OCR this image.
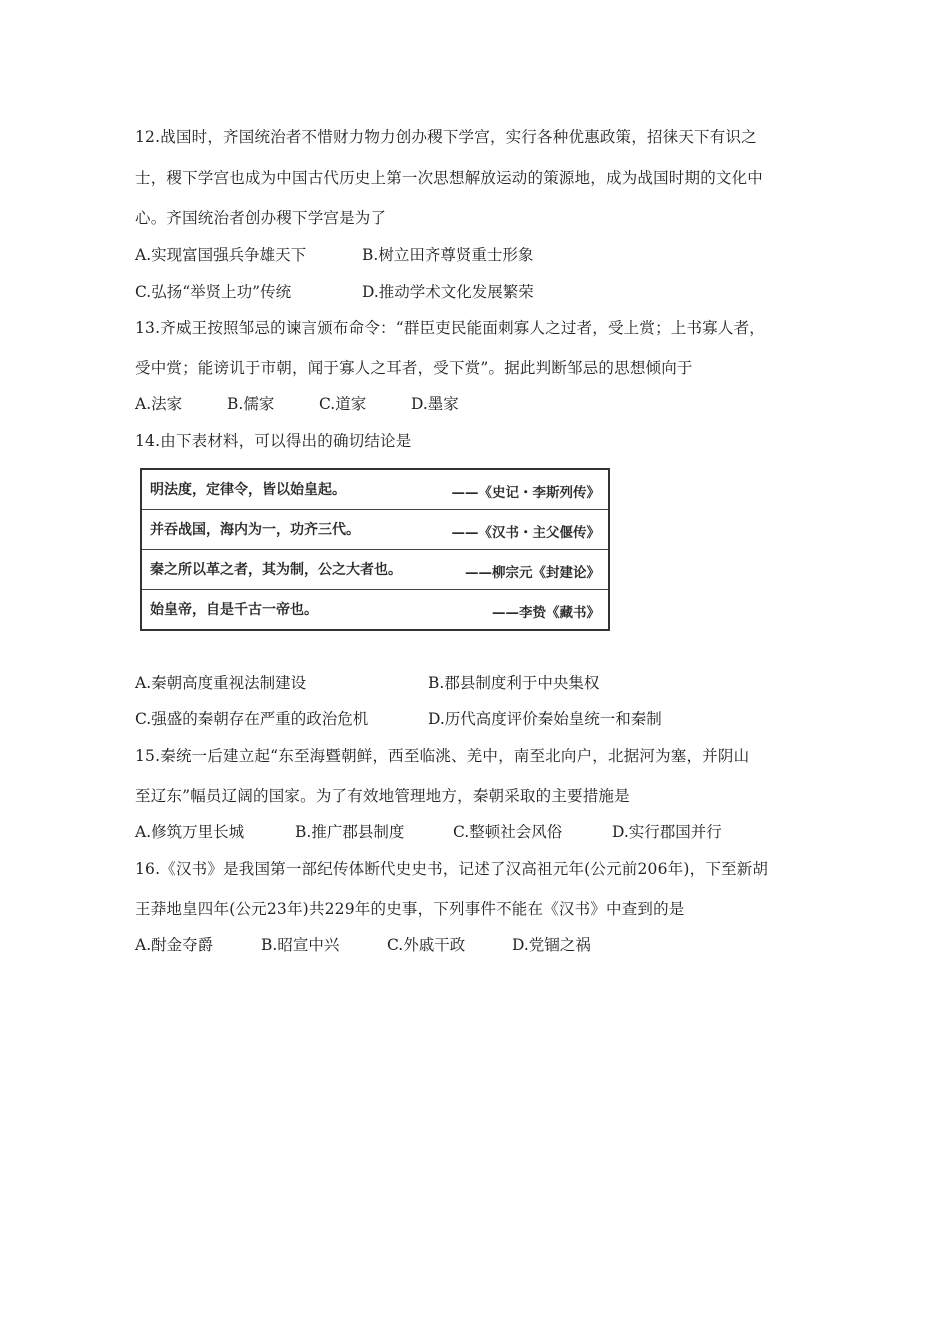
12.战国时，齐国统治者不惜财力物力创办稷下学宫，实行各种优惠政策，招徕天下有识之
士，稷下学宫也成为中国古代历史上第一次思想解放运动的策源地，成为战国时期的文化中
心。齐国统治者创办稷下学宫是为了
A.实现富国强兵争雄天下	B.树立田齐尊贤重士形象
C.弘扬“举贤上功”传统	D.推动学术文化发展繁荣
13.齐威王按照邹忌的谏言颁布命令：“群臣吏民能面刺寡人之过者，受上赏；上书寡人者，
受中赏；能谤讥于市朝，闻于寡人之耳者，受下赏”。据此判断邹忌的思想倾向于
A.法家	B.儒家	C.道家	D.墨家
14.由下表材料，可以得出的确切结论是
明法度，定律令，皆以始皇起。	——《史记・李斯列传》
并吞战国，海内为一，功齐三代。	——《汉书・主父偃传》
秦之所以革之者，其为制，公之大者也。	——柳宗元《封建论》
始皇帝，自是千古一帝也。	——李贽《藏书》
A.秦朝高度重视法制建设	B.郡县制度利于中央集权
C.强盛的秦朝存在严重的政治危机	D.历代高度评价秦始皇统一和秦制
15.秦统一后建立起“东至海暨朝鲜，西至临洮、羌中，南至北向户，北据河为塞，并阴山
至辽东”幅员辽阔的国家。为了有效地管理地方，秦朝采取的主要措施是
A.修筑万里长城	B.推广郡县制度	C.整顿社会风俗	D.实行郡国并行
16.《汉书》是我国第一部纪传体断代史史书，记述了汉高祖元年(公元前206年)，下至新胡
王莽地皇四年(公元23年)共229年的史事，下列事件不能在《汉书》中查到的是
A.酎金夺爵	B.昭宣中兴	C.外戚干政	D.党锢之祸
